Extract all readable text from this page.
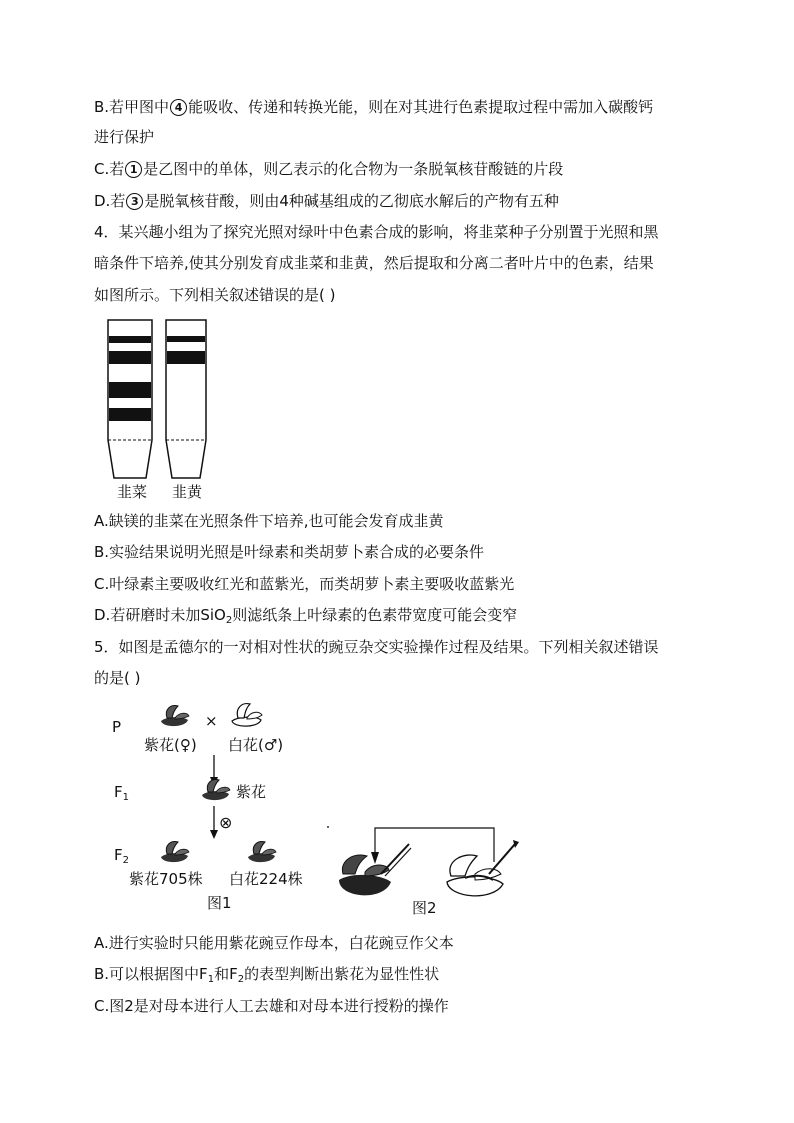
B.若甲图中 4 能吸收、传递和转换光能，则在对其进行色素提取过程中需加入碳酸钙
进行保护
C.若 1 是乙图中的单体，则乙表示的化合物为一条脱氧核苷酸链的片段
D.若 3 是脱氧核苷酸，则由4种碱基组成的乙彻底水解后的产物有五种
4．某兴趣小组为了探究光照对绿叶中色素合成的影响，将韭菜种子分别置于光照和黑
暗条件下培养,使其分别发育成韭菜和韭黄，然后提取和分离二者叶片中的色素，结果
如图所示。下列相关叙述错误的是( )
韭菜 韭黄
A.缺镁的韭菜在光照条件下培养,也可能会发育成韭黄
B.实验结果说明光照是叶绿素和类胡萝卜素合成的必要条件
C.叶绿素主要吸收红光和蓝紫光，而类胡萝卜素主要吸收蓝紫光
D.若研磨时未加SiO$_2$则滤纸条上叶绿素的色素带宽度可能会变窄
5．如图是孟德尔的一对相对性状的豌豆杂交实验操作过程及结果。下列相关叙述错误
的是( )
P	×
紫花(♀) 白花(♂)
$F_1$	紫花
⊗
$F_2$
紫花705株 白花224株
图1	图2
A.进行实验时只能用紫花豌豆作母本，白花豌豆作父本
B.可以根据图中$F_1$和$F_2$的表型判断出紫花为显性性状
C.图2是对母本进行人工去雄和对母本进行授粉的操作
